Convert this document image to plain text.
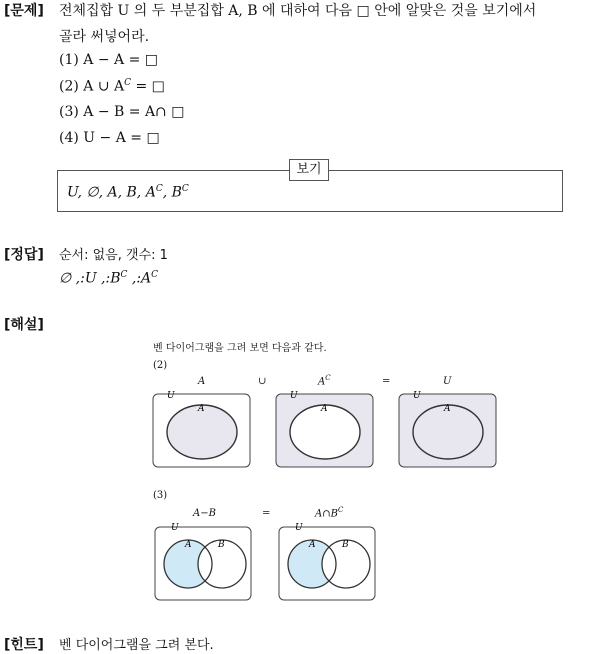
[문제] 전체집합 U 의 두 부분집합 A, B 에 대하여 다음 □ 안에 알맞은 것을 보기에서
골라 써넣어라.
(1) A − A = □
(2) A ∪ $A^C$ = □
(3) A − B = A∩ □
(4) U − A = □
보기
U, ∅, A, B, $A^C$, $B^C$
[정답] 순서: 없음, 갯수: 1
∅ ,:U $,:B^C$ $,:A^C$
[해설]
벤 다이어그램을 그려 보면 다음과 같다.
(2)
A	∪	$A^C$	=	U
U
A
U
A
U
A
U
A	B
U
A	B
(3)
A−B	=	$A\cap B^C$
[힌트] 벤 다이어그램을 그려 본다.
